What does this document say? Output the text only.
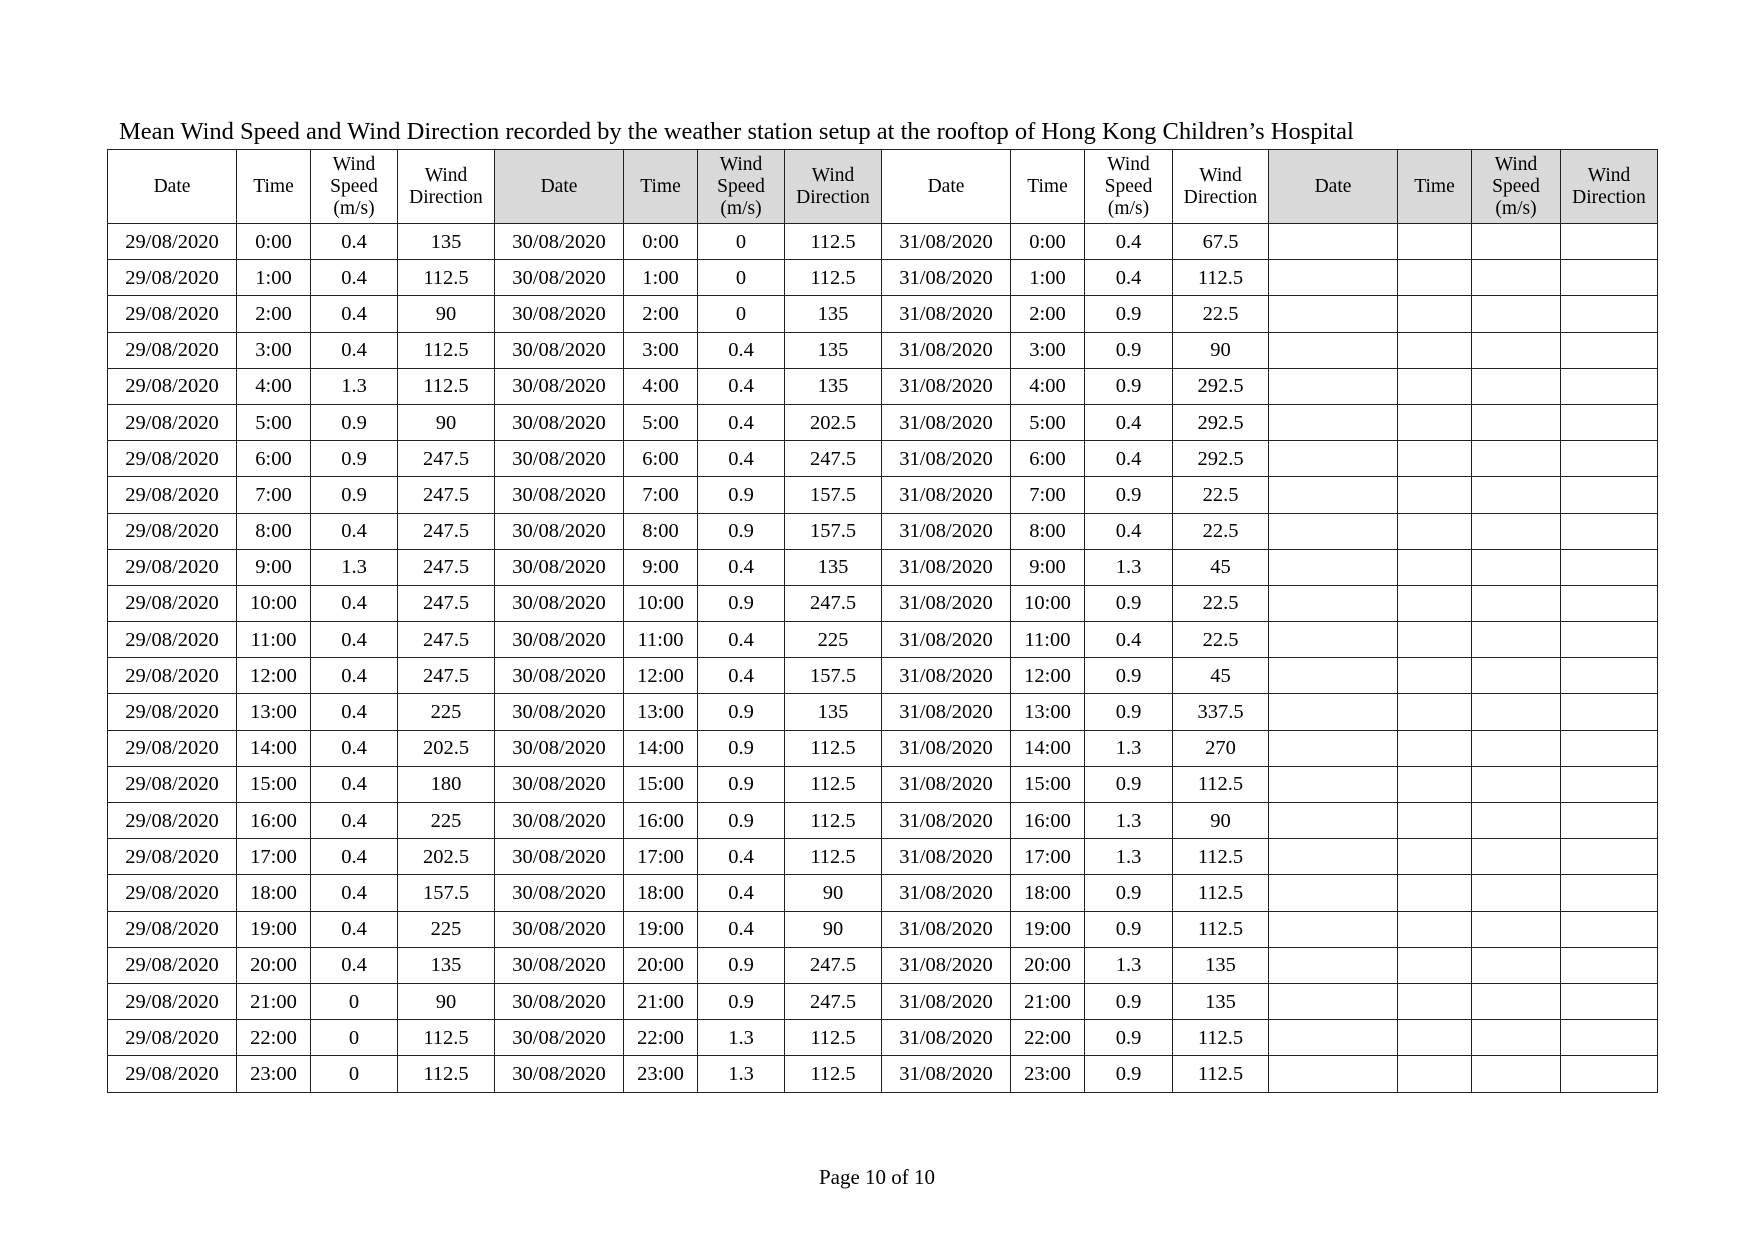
Mean Wind Speed and Wind Direction recorded by the weather station setup at the rooftop of Hong Kong Children’s Hospital
Date	Time	Wind Speed (m/s)	Wind Direction	Date	Time	Wind Speed (m/s)	Wind Direction	Date	Time	Wind Speed (m/s)	Wind Direction	Date	Time	Wind Speed (m/s)	Wind Direction
29/08/2020	0:00	0.4	135	30/08/2020	0:00	0	112.5	31/08/2020	0:00	0.4	67.5				
29/08/2020	1:00	0.4	112.5	30/08/2020	1:00	0	112.5	31/08/2020	1:00	0.4	112.5				
29/08/2020	2:00	0.4	90	30/08/2020	2:00	0	135	31/08/2020	2:00	0.9	22.5				
29/08/2020	3:00	0.4	112.5	30/08/2020	3:00	0.4	135	31/08/2020	3:00	0.9	90				
29/08/2020	4:00	1.3	112.5	30/08/2020	4:00	0.4	135	31/08/2020	4:00	0.9	292.5				
29/08/2020	5:00	0.9	90	30/08/2020	5:00	0.4	202.5	31/08/2020	5:00	0.4	292.5				
29/08/2020	6:00	0.9	247.5	30/08/2020	6:00	0.4	247.5	31/08/2020	6:00	0.4	292.5				
29/08/2020	7:00	0.9	247.5	30/08/2020	7:00	0.9	157.5	31/08/2020	7:00	0.9	22.5				
29/08/2020	8:00	0.4	247.5	30/08/2020	8:00	0.9	157.5	31/08/2020	8:00	0.4	22.5				
29/08/2020	9:00	1.3	247.5	30/08/2020	9:00	0.4	135	31/08/2020	9:00	1.3	45				
29/08/2020	10:00	0.4	247.5	30/08/2020	10:00	0.9	247.5	31/08/2020	10:00	0.9	22.5				
29/08/2020	11:00	0.4	247.5	30/08/2020	11:00	0.4	225	31/08/2020	11:00	0.4	22.5				
29/08/2020	12:00	0.4	247.5	30/08/2020	12:00	0.4	157.5	31/08/2020	12:00	0.9	45				
29/08/2020	13:00	0.4	225	30/08/2020	13:00	0.9	135	31/08/2020	13:00	0.9	337.5				
29/08/2020	14:00	0.4	202.5	30/08/2020	14:00	0.9	112.5	31/08/2020	14:00	1.3	270				
29/08/2020	15:00	0.4	180	30/08/2020	15:00	0.9	112.5	31/08/2020	15:00	0.9	112.5				
29/08/2020	16:00	0.4	225	30/08/2020	16:00	0.9	112.5	31/08/2020	16:00	1.3	90				
29/08/2020	17:00	0.4	202.5	30/08/2020	17:00	0.4	112.5	31/08/2020	17:00	1.3	112.5				
29/08/2020	18:00	0.4	157.5	30/08/2020	18:00	0.4	90	31/08/2020	18:00	0.9	112.5				
29/08/2020	19:00	0.4	225	30/08/2020	19:00	0.4	90	31/08/2020	19:00	0.9	112.5				
29/08/2020	20:00	0.4	135	30/08/2020	20:00	0.9	247.5	31/08/2020	20:00	1.3	135				
29/08/2020	21:00	0	90	30/08/2020	21:00	0.9	247.5	31/08/2020	21:00	0.9	135				
29/08/2020	22:00	0	112.5	30/08/2020	22:00	1.3	112.5	31/08/2020	22:00	0.9	112.5				
29/08/2020	23:00	0	112.5	30/08/2020	23:00	1.3	112.5	31/08/2020	23:00	0.9	112.5				
Page 10 of 10
